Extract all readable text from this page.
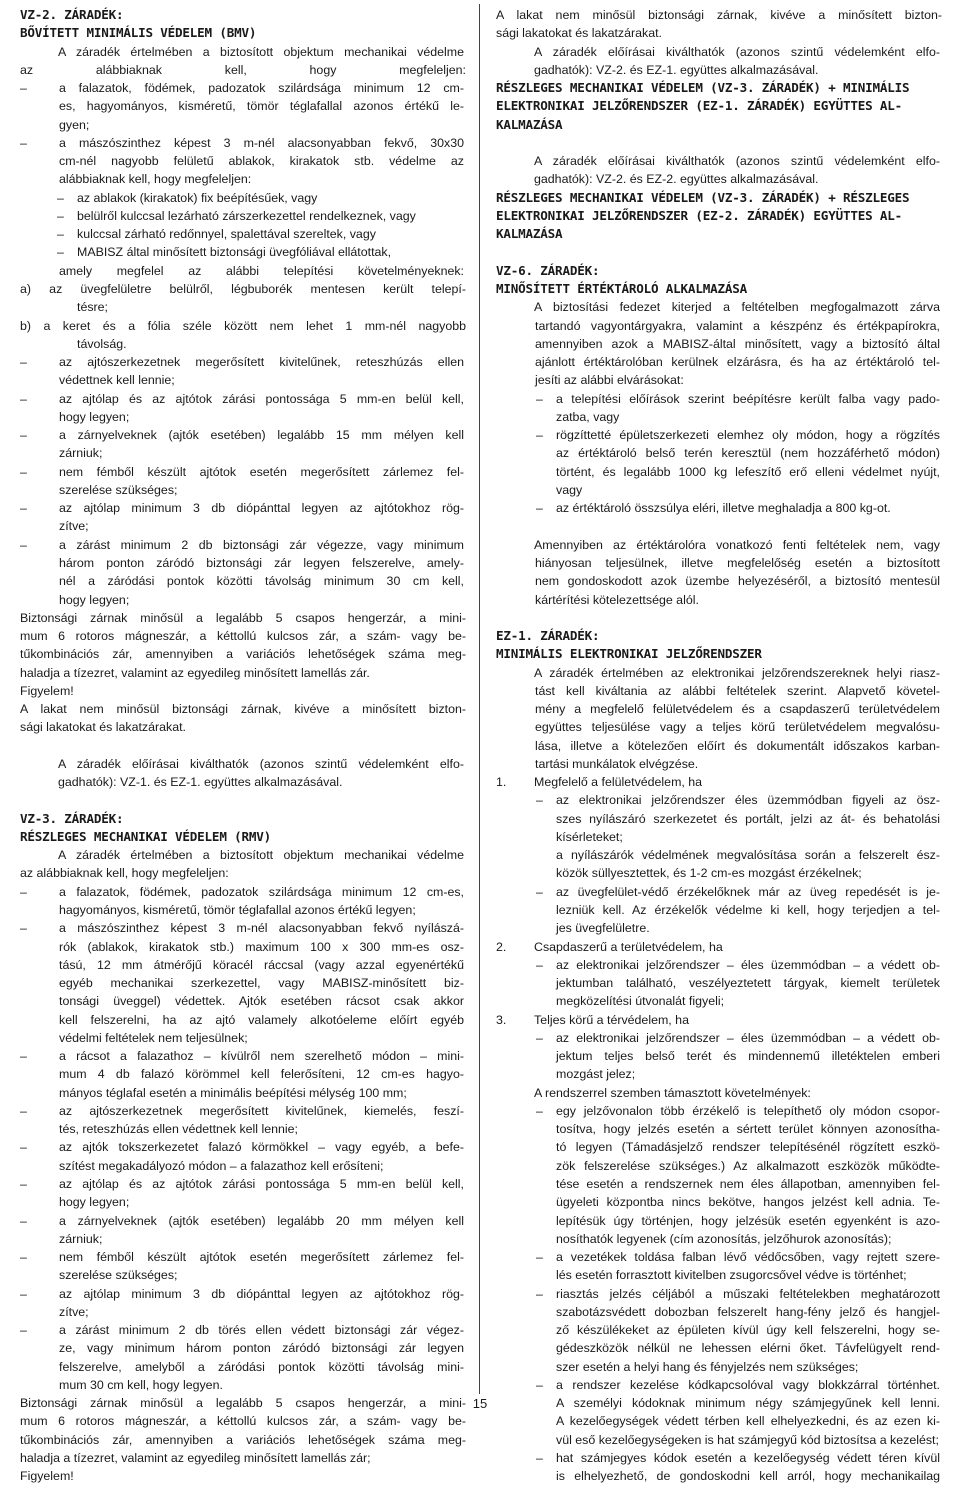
VZ-2. ZÁRADÉK:
BŐVÍTETT MINIMÁLIS VÉDELEM (BMV)
A záradék értelmében a biztosított objektum mechanikai védelme
az alábbiaknak kell, hogy megfeleljen:
–	a falazatok, födémek, padozatok szilárdsága minimum 12 cm-
es, hagyományos, kisméretű, tömör téglafallal azonos értékű le-
gyen;
–	a mászószinthez képest 3 m-nél alacsonyabban fekvő, 30x30
cm-nél nagyobb felületű ablakok, kirakatok stb. védelme az
alábbiaknak kell, hogy megfeleljen:
– az ablakok (kirakatok) fix beépítésűek, vagy
– belülről kulccsal lezárható zárszerkezettel rendelkeznek, vagy
– kulccsal zárható redőnnyel, spalettával szereltek, vagy
– MABISZ által minősített biztonsági üvegfóliával ellátottak,
amely megfelel az alábbi telepítési követelményeknek:
a) az üvegfelületre belülről, légbuborék mentesen került telepí-
tésre;
b) a keret és a fólia széle között nem lehet 1 mm-nél nagyobb
távolság.
–	az ajtószerkezetnek megerősített kivitelűnek, reteszhúzás ellen
védettnek kell lennie;
–	az ajtólap és az ajtótok zárási pontossága 5 mm-en belül kell,
hogy legyen;
–	a zárnyelveknek (ajtók esetében) legalább 15 mm mélyen kell
zárniuk;
–	nem fémből készült ajtótok esetén megerősített zárlemez fel-
szerelése szükséges;
–	az ajtólap minimum 3 db diópánttal legyen az ajtótokhoz rög-
zítve;
–	a zárást minimum 2 db biztonsági zár végezze, vagy minimum
három ponton záródó biztonsági zár legyen felszerelve, amely-
nél a záródási pontok közötti távolság minimum 30 cm kell,
hogy legyen;
Biztonsági zárnak minősül a legalább 5 csapos hengerzár, a mini-
mum 6 rotoros mágneszár, a kéttollú kulcsos zár, a szám- vagy be-
tűkombinációs zár, amennyiben a variációs lehetőségek száma meg-
haladja a tízezret, valamint az egyedileg minősített lamellás zár.
Figyelem!
A lakat nem minősül biztonsági zárnak, kivéve a minősített bizton-
sági lakatokat és lakatzárakat.
A záradék előírásai kiválthatók (azonos szintű védelemként elfo-
gadhatók): VZ-1. és EZ-1. együttes alkalmazásával.
VZ-3. ZÁRADÉK:
RÉSZLEGES MECHANIKAI VÉDELEM (RMV)
A záradék értelmében a biztosított objektum mechanikai védelme
az alábbiaknak kell, hogy megfeleljen:
–	a falazatok, födémek, padozatok szilárdsága minimum 12 cm-es,
hagyományos, kisméretű, tömör téglafallal azonos értékű legyen;
–	a mászószinthez képest 3 m-nél alacsonyabban fekvő nyílászá-
rók (ablakok, kirakatok stb.) maximum 100 x 300 mm-es osz-
tású, 12 mm átmérőjű köracél ráccsal (vagy azzal egyenértékű
egyéb mechanikai szerkezettel, vagy MABISZ-minősített biz-
tonsági üveggel) védettek. Ajtók esetében rácsot csak akkor
kell felszerelni, ha az ajtó valamely alkotóeleme előírt egyéb
védelmi feltételek nem teljesülnek;
–	a rácsot a falazathoz – kívülről nem szerelhető módon – mini-
mum 4 db falazó körömmel kell felerősíteni, 12 cm-es hagyo-
mányos téglafal esetén a minimális beépítési mélység 100 mm;
–	az ajtószerkezetnek megerősített kivitelűnek, kiemelés, feszí-
tés, reteszhúzás ellen védettnek kell lennie;
–	az ajtók tokszerkezetet falazó körmökkel – vagy egyéb, a befe-
szítést megakadályozó módon – a falazathoz kell erősíteni;
–	az ajtólap és az ajtótok zárási pontossága 5 mm-en belül kell,
hogy legyen;
–	a zárnyelveknek (ajtók esetében) legalább 20 mm mélyen kell
zárniuk;
–	nem fémből készült ajtótok esetén megerősített zárlemez fel-
szerelése szükséges;
–	az ajtólap minimum 3 db diópánttal legyen az ajtótokhoz rög-
zítve;
–	a zárást minimum 2 db törés ellen védett biztonsági zár végez-
ze, vagy minimum három ponton záródó biztonsági zár legyen
felszerelve, amelyből a záródási pontok közötti távolság mini-
mum 30 cm kell, hogy legyen.
Biztonsági zárnak minősül a legalább 5 csapos hengerzár, a mini-
mum 6 rotoros mágneszár, a kéttollú kulcsos zár, a szám- vagy be-
tűkombinációs zár, amennyiben a variációs lehetőségek száma meg-
haladja a tízezret, valamint az egyedileg minősített lamellás zár;
Figyelem!
A lakat nem minősül biztonsági zárnak, kivéve a minősített bizton-
sági lakatokat és lakatzárakat.
A záradék előírásai kiválthatók (azonos szintű védelemként elfo-
gadhatók): VZ-2. és EZ-1. együttes alkalmazásával.
RÉSZLEGES MECHANIKAI VÉDELEM (VZ-3. ZÁRADÉK) + MINIMÁLIS
ELEKTRONIKAI JELZŐRENDSZER (EZ-1. ZÁRADÉK) EGYÜTTES AL-
KALMAZÁSA
A záradék előírásai kiválthatók (azonos szintű védelemként elfo-
gadhatók): VZ-2. és EZ-2. együttes alkalmazásával.
RÉSZLEGES MECHANIKAI VÉDELEM (VZ-3. ZÁRADÉK) + RÉSZLEGES
ELEKTRONIKAI JELZŐRENDSZER (EZ-2. ZÁRADÉK) EGYÜTTES AL-
KALMAZÁSA
VZ-6. ZÁRADÉK:
MINŐSÍTETT ÉRTÉKTÁROLÓ ALKALMAZÁSA
A biztosítási fedezet kiterjed a feltételben megfogalmazott zárva
tartandó vagyontárgyakra, valamint a készpénz és értékpapírokra,
amennyiben azok a MABISZ-által minősített, vagy a biztosító által
ajánlott értéktárolóban kerülnek elzárásra, és ha az értéktároló tel-
jesíti az alábbi elvárásokat:
– a telepítési előírások szerint beépítésre került falba vagy pado-
zatba, vagy
– rögzíttetté épületszerkezeti elemhez oly módon, hogy a rögzítés
az értéktároló belső terén keresztül (nem hozzáférhető módon)
történt, és legalább 1000 kg lefeszítő erő elleni védelmet nyújt,
vagy
– az értéktároló összsúlya eléri, illetve meghaladja a 800 kg-ot.
Amennyiben az értéktárolóra vonatkozó fenti feltételek nem, vagy
hiányosan teljesülnek, illetve megfelelőség esetén a biztosított
nem gondoskodott azok üzembe helyezéséről, a biztosító mentesül
kártérítési kötelezettsége alól.
EZ-1. ZÁRADÉK:
MINIMÁLIS ELEKTRONIKAI JELZŐRENDSZER
A záradék értelmében az elektronikai jelzőrendszereknek helyi riasz-
tást kell kiváltania az alábbi feltételek szerint. Alapvető követel-
mény a megfelelő felületvédelem és a csapdaszerű területvédelem
együttes teljesülése vagy a teljes körű területvédelem megvalósu-
lása, illetve a kötelezően előírt és dokumentált időszakos karban-
tartási munkálatok elvégzése.
1. Megfelelő a felületvédelem, ha
– az elektronikai jelzőrendszer éles üzemmódban figyeli az ösz-
szes nyílászáró szerkezetet és portált, jelzi az át- és behatolási
kísérleteket;
a nyílászárók védelmének megvalósítása során a felszerelt ész-
közök süllyesztettek, és 1-2 cm-es mozgást érzékelnek;
– az üvegfelület-védő érzékelőknek már az üveg repedését is je-
lezniük kell. Az érzékelők védelme ki kell, hogy terjedjen a tel-
jes üvegfelületre.
2. Csapdaszerű a területvédelem, ha
– az elektronikai jelzőrendszer – éles üzemmódban – a védett ob-
jektumban található, veszélyeztetett tárgyak, kiemelt területek
megközelítési útvonalát figyeli;
3. Teljes körű a térvédelem, ha
– az elektronikai jelzőrendszer – éles üzemmódban – a védett ob-
jektum teljes belső terét és mindennemű illetéktelen emberi
mozgást jelez;
A rendszerrel szemben támasztott követelmények:
– egy jelzővonalon több érzékelő is telepíthető oly módon csopor-
tosítva, hogy jelzés esetén a sértett terület könnyen azonosítha-
tó legyen (Támadásjelző rendszer telepítésénél rögzített eszkö-
zök felszerelése szükséges.) Az alkalmazott eszközök működte-
tése esetén a rendszernek nem éles állapotban, amennyiben fel-
ügyeleti központba nincs bekötve, hangos jelzést kell adnia. Te-
lepítésük úgy történjen, hogy jelzésük esetén egyenként is azo-
nosíthatók legyenek (cím azonosítás, jelzőhurok azonosítás);
– a vezetékek toldása falban lévő védőcsőben, vagy rejtett szere-
lés esetén forrasztott kivitelben zsugorcsővel védve is történhet;
– riasztás jelzés céljából a műszaki feltételekben meghatározott
szabotázsvédett dobozban felszerelt hang-fény jelző és hangjel-
ző készülékeket az épületen kívül úgy kell felszerelni, hogy se-
gédeszközök nélkül ne lehessen elérni őket. Távfelügyelt rend-
szer esetén a helyi hang és fényjelzés nem szükséges;
– a rendszer kezelése kódkapcsolóval vagy blokkzárral történhet.
A személyi kódoknak minimum négy számjegyűnek kell lenni.
A kezelőegységek védett térben kell elhelyezkedni, és az ezen ki-
vül eső kezelőegységeken is hat számjegyű kód biztosítsa a kezelést;
– hat számjegyes kódok esetén a kezelőegység védett téren kívül
is elhelyezhető, de gondoskodni kell arról, hogy mechanikailag
15
